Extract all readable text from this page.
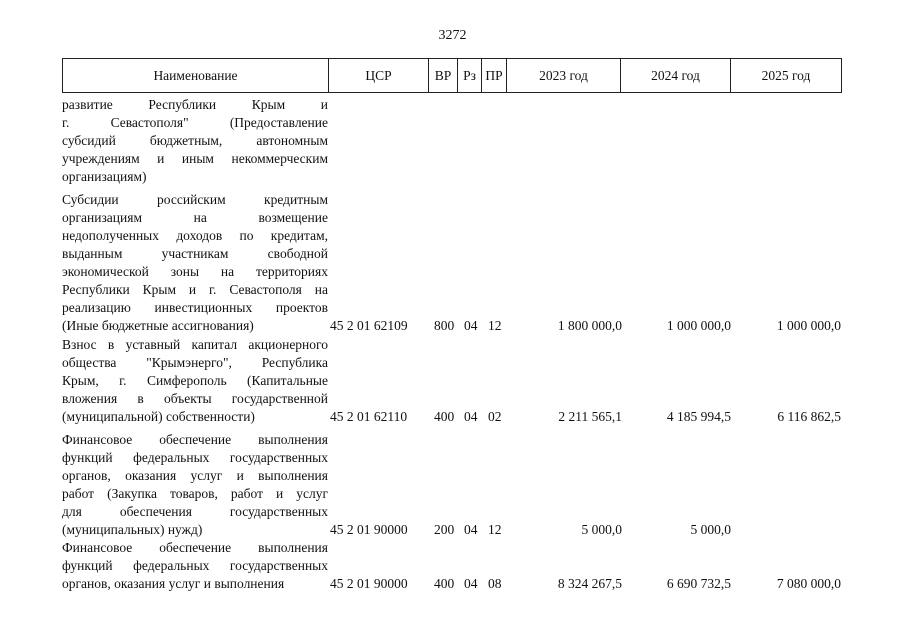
3272
Наименование	ЦСР	ВР Рз ПР	2023 год	2024 год	2025 год
развитие Республики Крым и
г. Севастополя" (Предоставление
субсидий бюджетным, автономным
учреждениям и иным некоммерческим
организациям)
Субсидии российским кредитным
организациям на возмещение
недополученных доходов по кредитам,
выданным участникам свободной
экономической зоны на территориях
Республики Крым и г. Севастополя на
реализацию инвестиционных проектов
(Иные бюджетные ассигнования)	45 2 01 62109 800 04 12	1 800 000,0	1 000 000,0	1 000 000,0
Взнос в уставный капитал акционерного
общества "Крымэнерго", Республика
Крым, г. Симферополь (Капитальные
вложения в объекты государственной
(муниципальной) собственности)	45 2 01 62110 400 04 02	2 211 565,1	4 185 994,5	6 116 862,5
Финансовое обеспечение выполнения
функций федеральных государственных
органов, оказания услуг и выполнения
работ (Закупка товаров, работ и услуг
для обеспечения государственных
(муниципальных) нужд)	45 2 01 90000 200 04 12	5 000,0	5 000,0
Финансовое обеспечение выполнения
функций федеральных государственных
органов, оказания услуг и выполнения	45 2 01 90000 400 04 08	8 324 267,5	6 690 732,5	7 080 000,0
